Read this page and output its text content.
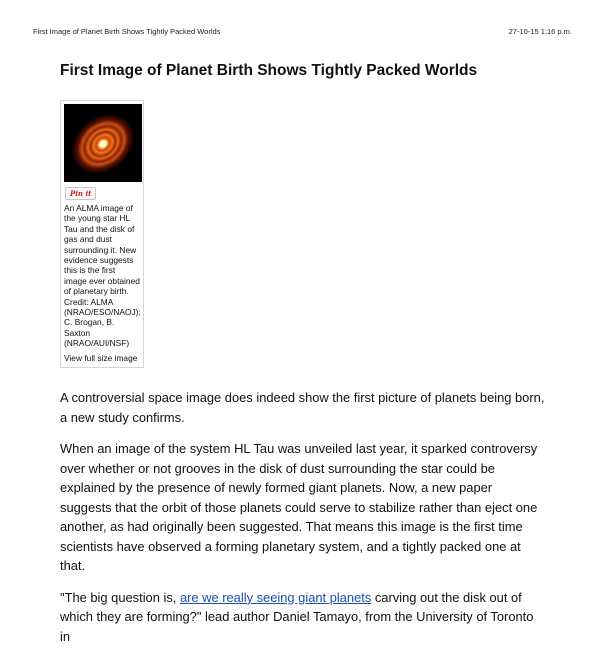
First Image of Planet Birth Shows Tightly Packed Worlds	27-10-15 1:16 p.m.
First Image of Planet Birth Shows Tightly Packed Worlds
Pin it
An ALMA image of the young star HL Tau and the disk of gas and dust surrounding it. New evidence suggests this is the first image ever obtained of planetary birth. Credit: ALMA (NRAO/ESO/NAOJ); C. Brogan, B. Saxton (NRAO/AUI/NSF)
View full size image

A controversial space image does indeed show the first picture of planets being born, a new study confirms.

When an image of the system HL Tau was unveiled last year, it sparked controversy over whether or not grooves in the disk of dust surrounding the star could be explained by the presence of newly formed giant planets. Now, a new paper suggests that the orbit of those planets could serve to stabilize rather than eject one another, as had originally been suggested. That means this image is the first time scientists have observed a forming planetary system, and a tightly packed one at that.

"The big question is, are we really seeing giant planets carving out the disk out of which they are forming?" lead author Daniel Tamayo, from the University of Toronto in
